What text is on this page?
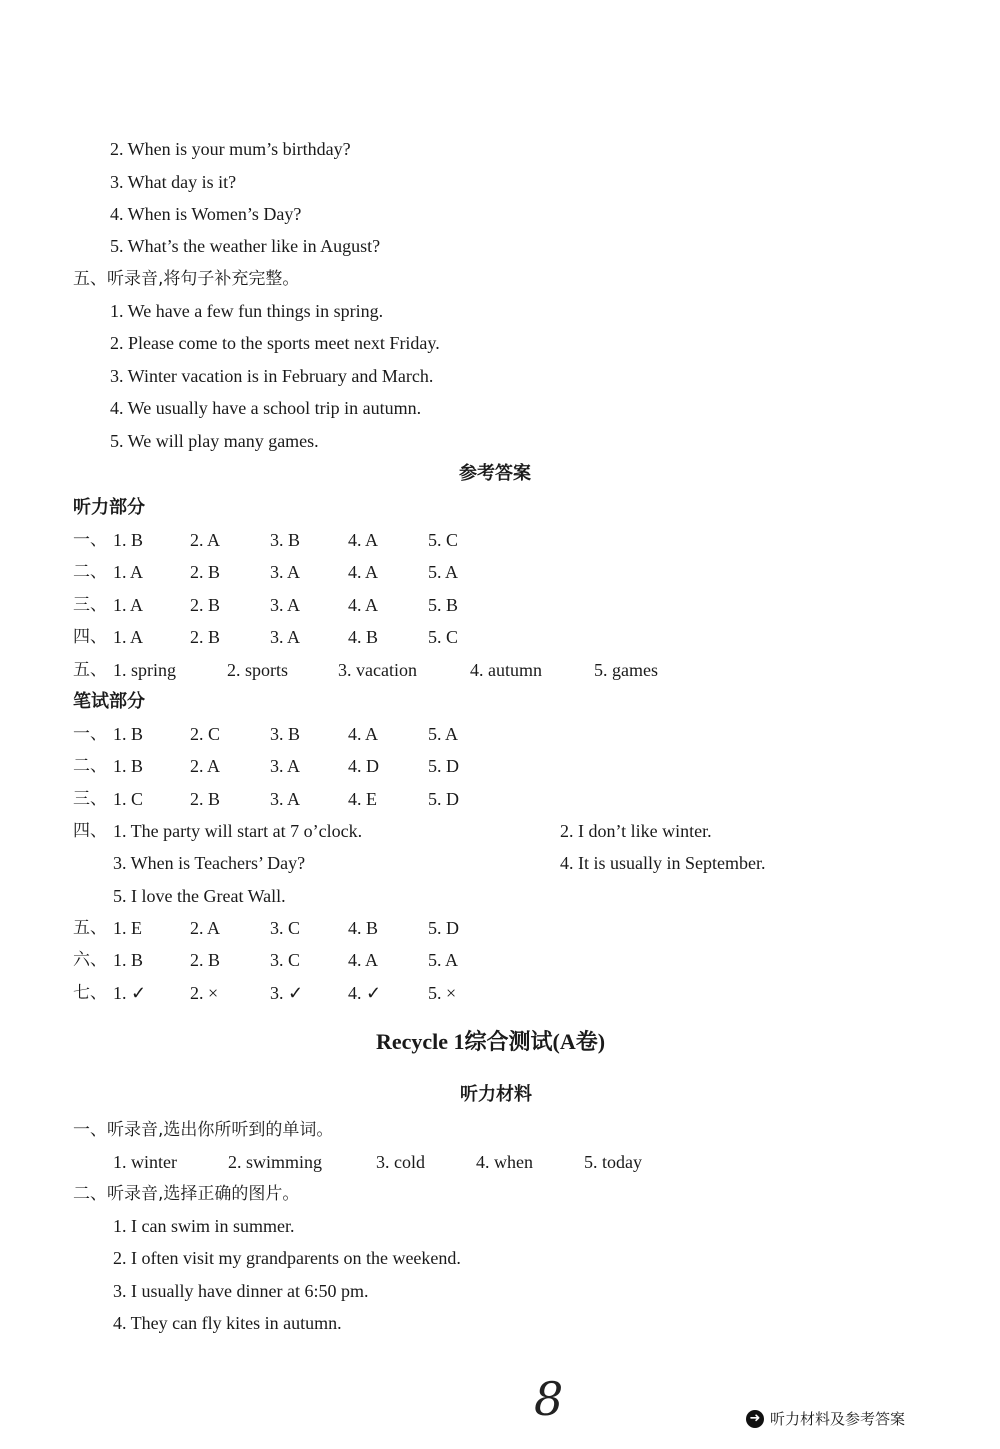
2. When is your mum’s birthday?
3. What day is it?
4. When is Women’s Day?
5. What’s the weather like in August?
五、听录音,将句子补充完整。
1. We have a few fun things in spring.
2. Please come to the sports meet next Friday.
3. Winter vacation is in February and March.
4. We usually have a school trip in autumn.
5. We will play many games.
参考答案
听力部分
一、 1. B	2. A	3. B	4. A	5. C
二、 1. A	2. B	3. A	4. A	5. A
三、 1. A	2. B	3. A	4. A	5. B
四、 1. A	2. B	3. A	4. B	5. C
五、 1. spring	2. sports	3. vacation	4. autumn	5. games
笔试部分
一、 1. B	2. C	3. B	4. A	5. A
二、 1. B	2. A	3. A	4. D	5. D
三、 1. C	2. B	3. A	4. E	5. D
四、 1. The party will start at 7 o’clock.	2. I don’t like winter.
3. When is Teachers’ Day?	4. It is usually in September.
5. I love the Great Wall.
五、 1. E	2. A	3. C	4. B	5. D
六、 1. B	2. B	3. C	4. A	5. A
七、 1. ✓ 2. ×	3. ✓ 4. ✓	5. ×
Recycle 1综合测试(A卷)
听力材料
一、听录音,选出你所听到的单词。
1. winter	2. swimming	3. cold	4. when	5. today
二、听录音,选择正确的图片。
1. I can swim in summer.
2. I often visit my grandparents on the weekend.
3. I usually have dinner at 6:50 pm.
4. They can fly kites in autumn.
8	➜ 听力材料及参考答案
